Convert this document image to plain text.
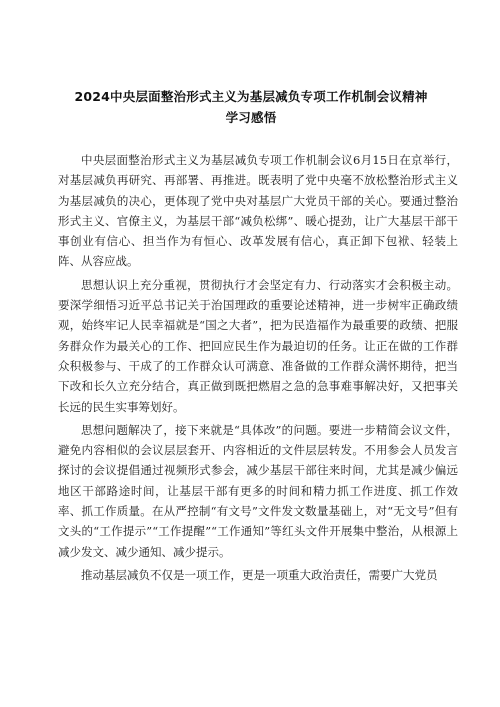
2024中央层面整治形式主义为基层减负专项工作机制会议精神学习感悟

中央层面整治形式主义为基层减负专项工作机制会议6月15日在京举行，对基层减负再研究、再部署、再推进。既表明了党中央毫不放松整治形式主义为基层减负的决心，更体现了党中央对基层广大党员干部的关心。要通过整治形式主义、官僚主义，为基层干部“减负松绑”、暖心提劲，让广大基层干部干事创业有信心、担当作为有恒心、改革发展有信心，真正卸下包袱、轻装上阵、从容应战。

思想认识上充分重视，贯彻执行才会坚定有力、行动落实才会积极主动。要深学细悟习近平总书记关于治国理政的重要论述精神，进一步树牢正确政绩观，始终牢记人民幸福就是“国之大者”，把为民造福作为最重要的政绩、把服务群众作为最关心的工作、把回应民生作为最迫切的任务。让正在做的工作群众积极参与、干成了的工作群众认可满意、准备做的工作群众满怀期待，把当下改和长久立充分结合，真正做到既把燃眉之急的急事难事解决好，又把事关长远的民生实事筹划好。

思想问题解决了，接下来就是“具体改”的问题。要进一步精简会议文件，避免内容相似的会议层层套开、内容相近的文件层层转发。不用参会人员发言探讨的会议提倡通过视频形式参会，减少基层干部往来时间，尤其是减少偏远地区干部路途时间，让基层干部有更多的时间和精力抓工作进度、抓工作效率、抓工作质量。在从严控制“有文号”文件发文数量基础上，对“无文号”但有文头的“工作提示”“工作提醒”“工作通知”等红头文件开展集中整治，从根源上减少发文、减少通知、减少提示。

推动基层减负不仅是一项工作，更是一项重大政治责任，需要广大党员
